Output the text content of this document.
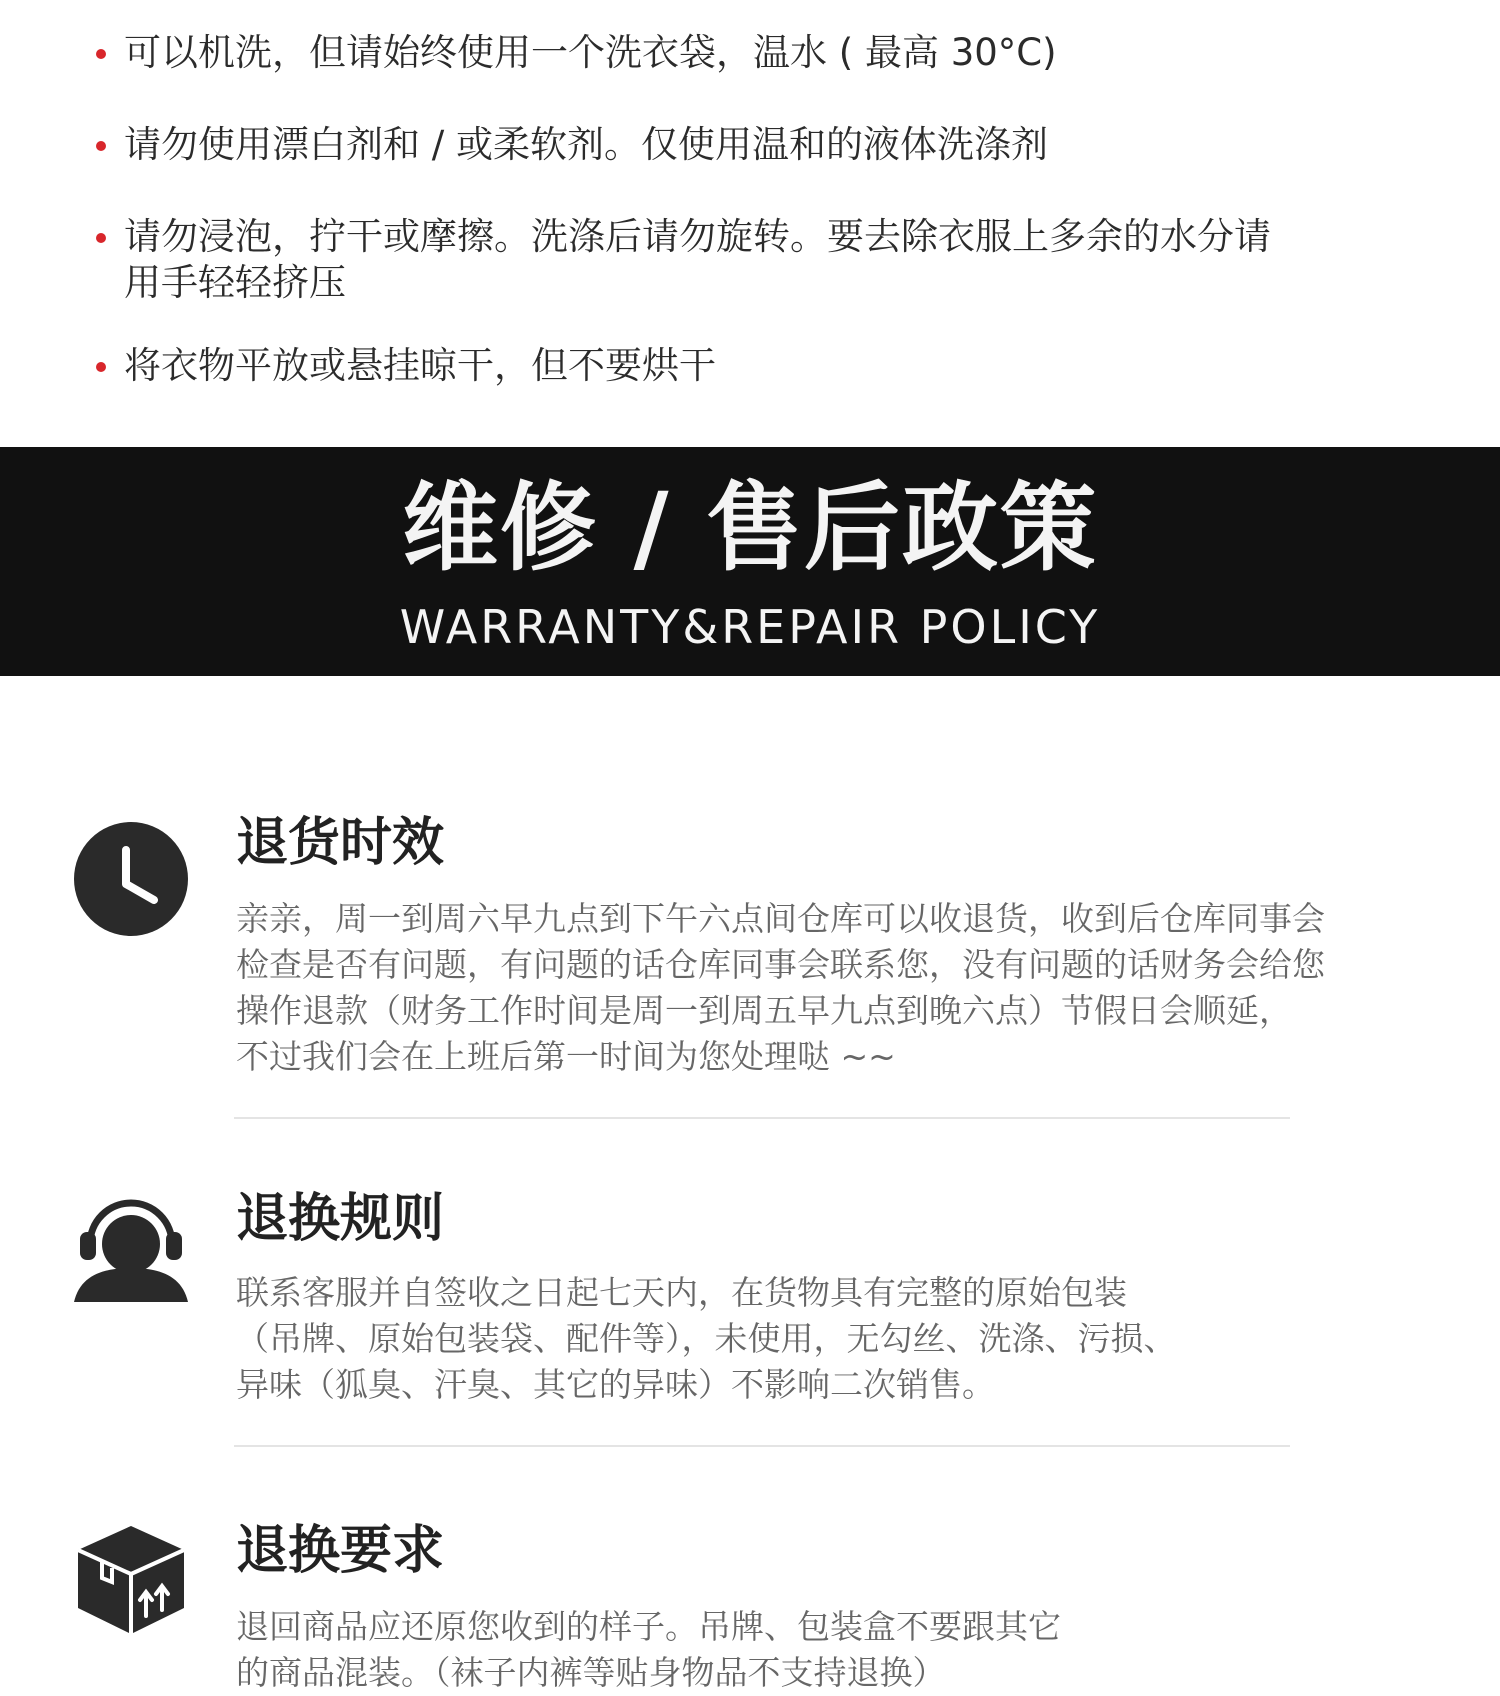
可以机洗，但请始终使用一个洗衣袋，温水 ( 最高 30°C)
请勿使用漂白剂和 / 或柔软剂。仅使用温和的液体洗涤剂
请勿浸泡，拧干或摩擦。洗涤后请勿旋转。要去除衣服上多余的水分请用手轻轻挤压
将衣物平放或悬挂晾干，但不要烘干
维修 / 售后政策
WARRANTY&REPAIR POLICY
退货时效

亲亲，周一到周六早九点到下午六点间仓库可以收退货，收到后仓库同事会

检查是否有问题，有问题的话仓库同事会联系您，没有问题的话财务会给您

操作退款（财务工作时间是周一到周五早九点到晚六点）节假日会顺延，

不过我们会在上班后第一时间为您处理哒 ~~

退换规则

联系客服并自签收之日起七天内，在货物具有完整的原始包装

（吊牌、原始包装袋、配件等），未使用，无勾丝、洗涤、污损、

异味（狐臭、汗臭、其它的异味）不影响二次销售。

退换要求

退回商品应还原您收到的样子。吊牌、包装盒不要跟其它

的商品混装。（袜子内裤等贴身物品不支持退换）
